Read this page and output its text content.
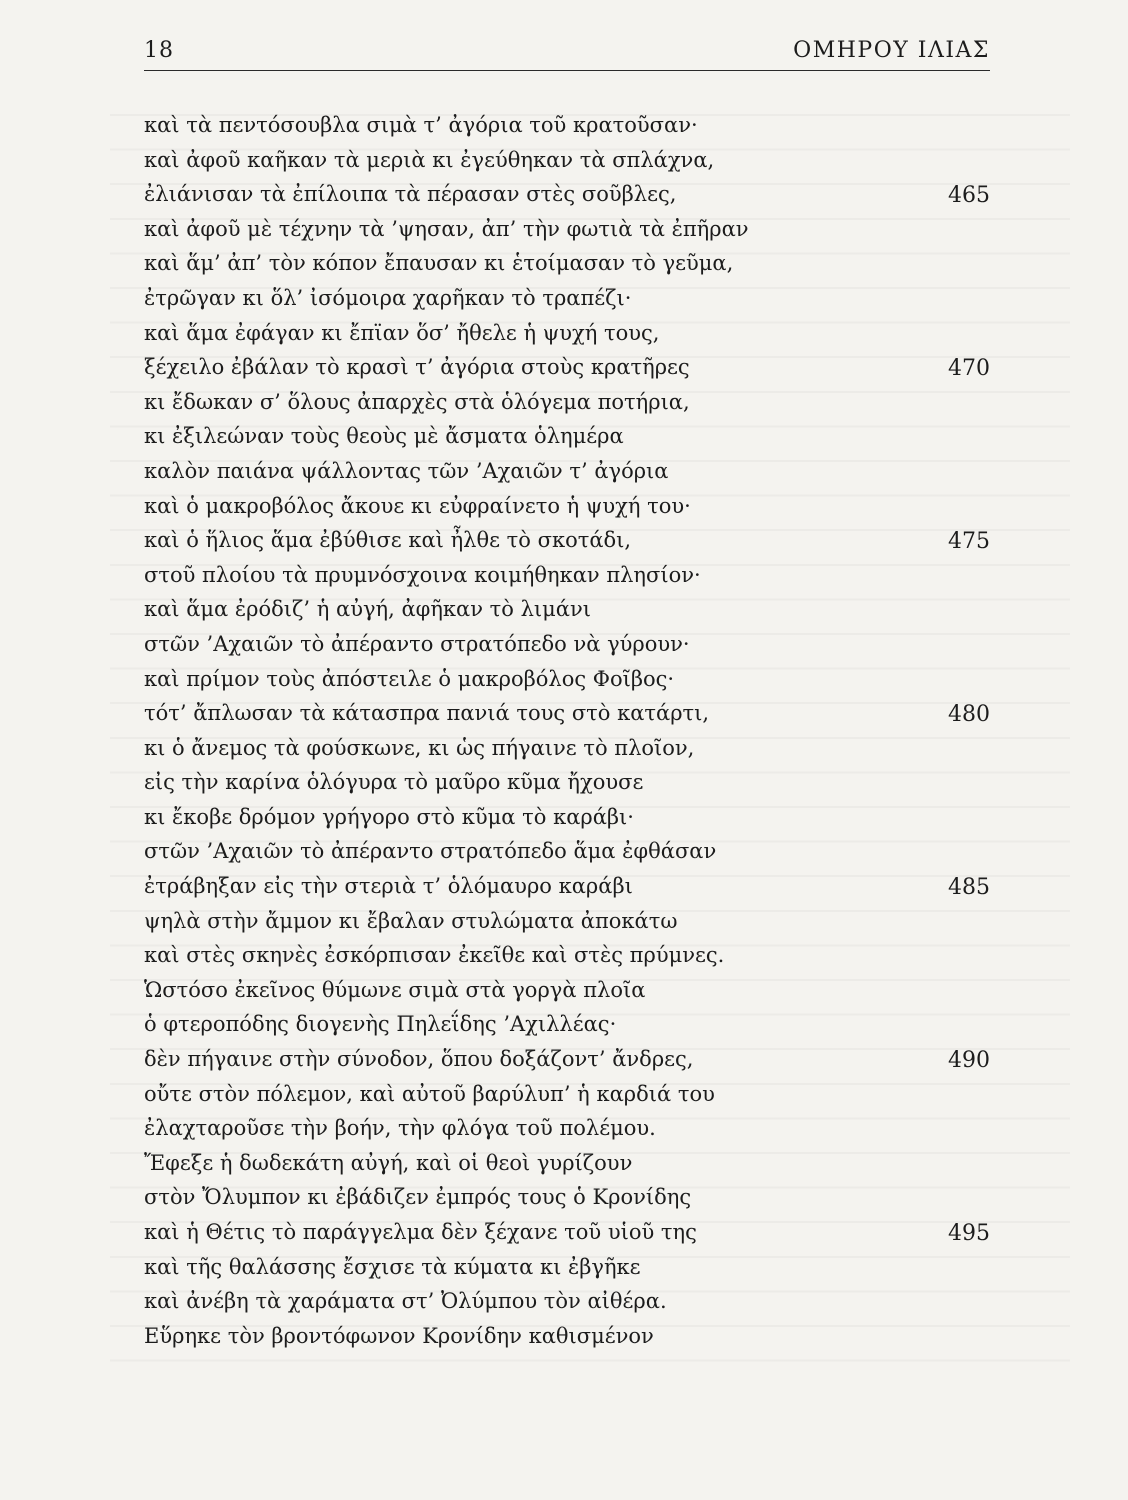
18	ΟΜΗΡΟΥ ΙΛΙΑΣ
καὶ τὰ πεντόσουβλα σιμὰ τ’ ἀγόρια τοῦ κρατοῦσαν·
καὶ ἀφοῦ καῆκαν τὰ μεριὰ κι ἐγεύθηκαν τὰ σπλάχνα,
ἐλιάνισαν τὰ ἐπίλοιπα τὰ πέρασαν στὲς σοῦβλες,	465
καὶ ἀφοῦ μὲ τέχνην τὰ ’ψησαν, ἀπ’ τὴν φωτιὰ τὰ ἐπῆραν
καὶ ἅμ’ ἀπ’ τὸν κόπον ἔπαυσαν κι ἑτοίμασαν τὸ γεῦμα,
ἐτρῶγαν κι ὅλ’ ἰσόμοιρα χαρῆκαν τὸ τραπέζι·
καὶ ἅμα ἐφάγαν κι ἔπϊαν ὅσ’ ἤθελε ἡ ψυχή τους,
ξέχειλο ἐβάλαν τὸ κρασὶ τ’ ἀγόρια στοὺς κρατῆρες	470
κι ἔδωκαν σ’ ὅλους ἀπαρχὲς στὰ ὁλόγεμα ποτήρια,
κι ἐξιλεώναν τοὺς θεοὺς μὲ ἄσματα ὁλημέρα
καλὸν παιάνα ψάλλοντας τῶν ’Αχαιῶν τ’ ἀγόρια
καὶ ὁ μακροβόλος ἄκουε κι εὐφραίνετο ἡ ψυχή του·
καὶ ὁ ἥλιος ἅμα ἐβύθισε καὶ ἦλθε τὸ σκοτάδι,	475
στοῦ πλοίου τὰ πρυμνόσχοινα κοιμήθηκαν πλησίον·
καὶ ἅμα ἐρόδιζ’ ἡ αὐγή, ἀφῆκαν τὸ λιμάνι
στῶν ’Αχαιῶν τὸ ἀπέραντο στρατόπεδο νὰ γύρουν·
καὶ πρίμον τοὺς ἀπόστειλε ὁ μακροβόλος Φοῖβος·
τότ’ ἄπλωσαν τὰ κάτασπρα πανιά τους στὸ κατάρτι,	480
κι ὁ ἄνεμος τὰ φούσκωνε, κι ὡς πήγαινε τὸ πλοῖον,
εἰς τὴν καρίνα ὁλόγυρα τὸ μαῦρο κῦμα ἤχουσε
κι ἔκοβε δρόμον γρήγορο στὸ κῦμα τὸ καράβι·
στῶν ’Αχαιῶν τὸ ἀπέραντο στρατόπεδο ἅμα ἐφθάσαν
ἐτράβηξαν εἰς τὴν στεριὰ τ’ ὁλόμαυρο καράβι	485
ψηλὰ στὴν ἄμμον κι ἔβαλαν στυλώματα ἀποκάτω
καὶ στὲς σκηνὲς ἐσκόρπισαν ἐκεῖθε καὶ στὲς πρύμνες.
Ὡστόσο ἐκεῖνος θύμωνε σιμὰ στὰ γοργὰ πλοῖα
ὁ φτεροπόδης διογενὴς Πηλεΐδης ’Αχιλλέας·
δὲν πήγαινε στὴν σύνοδον, ὅπου δοξάζοντ’ ἄνδρες,	490
οὔτε στὸν πόλεμον, καὶ αὐτοῦ βαρύλυπ’ ἡ καρδιά του
ἐλαχταροῦσε τὴν βοήν, τὴν φλόγα τοῦ πολέμου.
Ἔφεξε ἡ δωδεκάτη αὐγή, καὶ οἱ θεοὶ γυρίζουν
στὸν Ὄλυμπον κι ἐβάδιζεν ἐμπρός τους ὁ Κρονίδης
καὶ ἡ Θέτις τὸ παράγγελμα δὲν ξέχανε τοῦ υἱοῦ της	495
καὶ τῆς θαλάσσης ἔσχισε τὰ κύματα κι ἐβγῆκε
καὶ ἀνέβη τὰ χαράματα στ’ Ὀλύμπου τὸν αἰθέρα.
Εὕρηκε τὸν βροντόφωνον Κρονίδην καθισμένον
